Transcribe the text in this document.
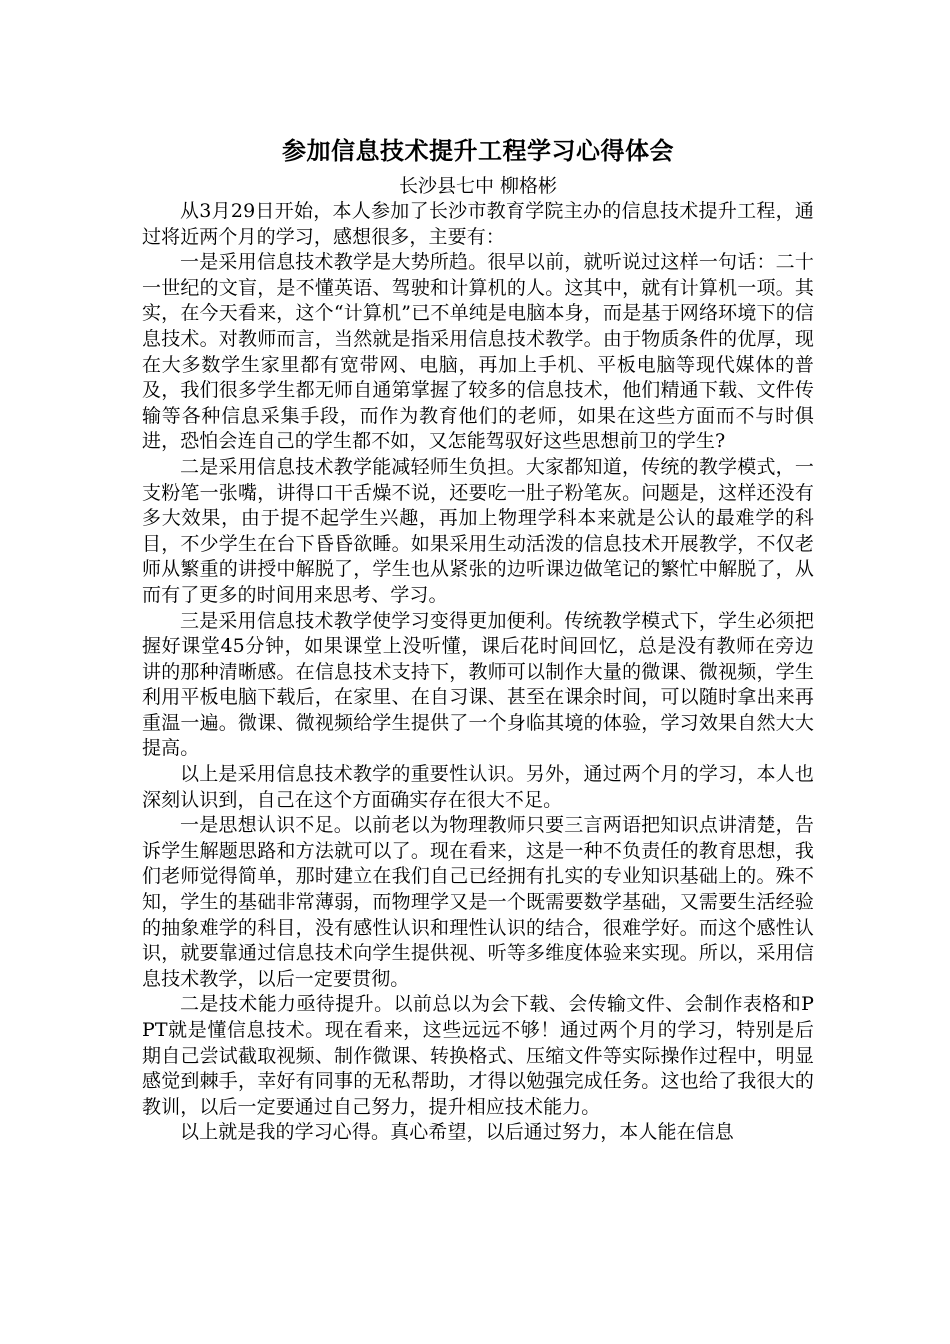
参加信息技术提升工程学习心得体会
长沙县七中 柳格彬

从3月29日开始，本人参加了长沙市教育学院主办的信息技术提升工程，通过将近两个月的学习，感想很多，主要有：

一是采用信息技术教学是大势所趋。很早以前，就听说过这样一句话：二十一世纪的文盲，是不懂英语、驾驶和计算机的人。这其中，就有计算机一项。其实，在今天看来，这个“计算机”已不单纯是电脑本身，而是基于网络环境下的信息技术。对教师而言，当然就是指采用信息技术教学。由于物质条件的优厚，现在大多数学生家里都有宽带网、电脑，再加上手机、平板电脑等现代媒体的普及，我们很多学生都无师自通第掌握了较多的信息技术，他们精通下载、文件传输等各种信息采集手段，而作为教育他们的老师，如果在这些方面而不与时俱进，恐怕会连自己的学生都不如，又怎能驾驭好这些思想前卫的学生?

二是采用信息技术教学能减轻师生负担。大家都知道，传统的教学模式，一支粉笔一张嘴，讲得口干舌燥不说，还要吃一肚子粉笔灰。问题是，这样还没有多大效果，由于提不起学生兴趣，再加上物理学科本来就是公认的最难学的科目，不少学生在台下昏昏欲睡。如果采用生动活泼的信息技术开展教学，不仅老师从繁重的讲授中解脱了，学生也从紧张的边听课边做笔记的繁忙中解脱了，从而有了更多的时间用来思考、学习。

三是采用信息技术教学使学习变得更加便利。传统教学模式下，学生必须把握好课堂45分钟，如果课堂上没听懂，课后花时间回忆，总是没有教师在旁边讲的那种清晰感。在信息技术支持下，教师可以制作大量的微课、微视频，学生利用平板电脑下载后，在家里、在自习课、甚至在课余时间，可以随时拿出来再重温一遍。微课、微视频给学生提供了一个身临其境的体验，学习效果自然大大提高。

以上是采用信息技术教学的重要性认识。另外，通过两个月的学习，本人也深刻认识到，自己在这个方面确实存在很大不足。

一是思想认识不足。以前老以为物理教师只要三言两语把知识点讲清楚，告诉学生解题思路和方法就可以了。现在看来，这是一种不负责任的教育思想，我们老师觉得简单，那时建立在我们自己已经拥有扎实的专业知识基础上的。殊不知，学生的基础非常薄弱，而物理学又是一个既需要数学基础，又需要生活经验的抽象难学的科目，没有感性认识和理性认识的结合，很难学好。而这个感性认识，就要靠通过信息技术向学生提供视、听等多维度体验来实现。所以，采用信息技术教学，以后一定要贯彻。

二是技术能力亟待提升。以前总以为会下载、会传输文件、会制作表格和PPT就是懂信息技术。现在看来，这些远远不够！通过两个月的学习，特别是后期自己尝试截取视频、制作微课、转换格式、压缩文件等实际操作过程中，明显感觉到棘手，幸好有同事的无私帮助，才得以勉强完成任务。这也给了我很大的教训，以后一定要通过自己努力，提升相应技术能力。

以上就是我的学习心得。真心希望，以后通过努力，本人能在信息
